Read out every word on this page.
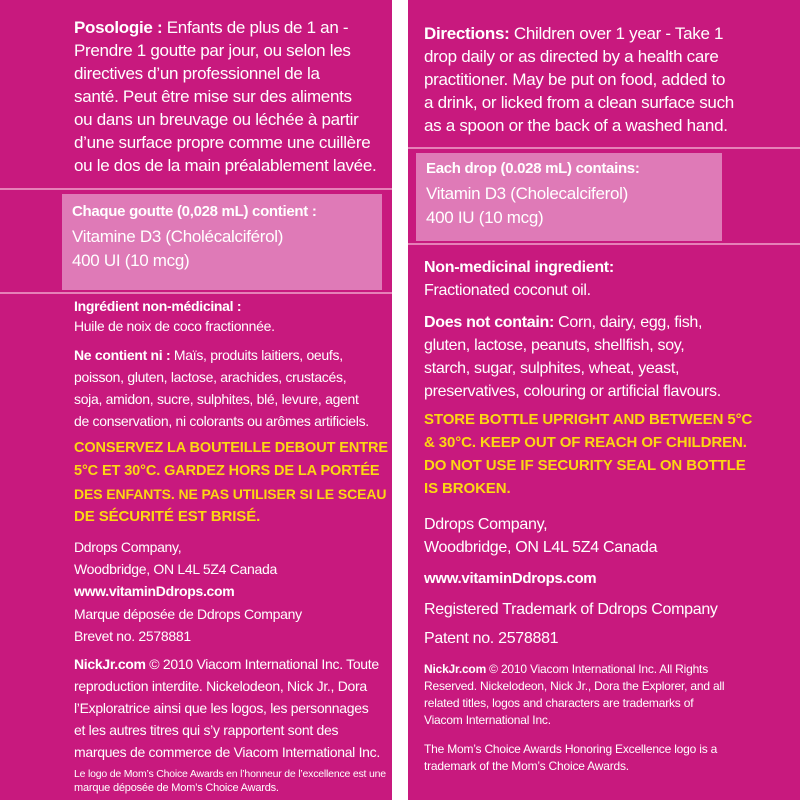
Posologie : Enfants de plus de 1 an -
Prendre 1 goutte par jour, ou selon les
directives d’un professionnel de la
santé. Peut être mise sur des aliments
ou dans un breuvage ou léchée à partir
d’une surface propre comme une cuillère
ou le dos de la main préalablement lavée.
Chaque goutte (0,028 mL) contient :
Vitamine D3 (Cholécalciférol)
400 UI (10 mcg)
Ingrédient non-médicinal :
Huile de noix de coco fractionnée.
Ne contient ni : Maïs, produits laitiers, oeufs,
poisson, gluten, lactose, arachides, crustacés,
soja, amidon, sucre, sulphites, blé, levure, agent
de conservation, ni colorants ou arômes artificiels.
CONSERVEZ LA BOUTEILLE DEBOUT ENTRE
5°C ET 30°C. GARDEZ HORS DE LA PORTÉE
DES ENFANTS. NE PAS UTILISER SI LE SCEAU
DE SÉCURITÉ EST BRISÉ.
Ddrops Company,
Woodbridge, ON L4L 5Z4 Canada
www.vitaminDdrops.com
Marque déposée de Ddrops Company
Brevet no. 2578881
NickJr.com © 2010 Viacom International Inc. Toute
reproduction interdite. Nickelodeon, Nick Jr., Dora
l’Exploratrice ainsi que les logos, les personnages
et les autres titres qui s’y rapportent sont des
marques de commerce de Viacom International Inc.
Le logo de Mom’s Choice Awards en l’honneur de l’excellence est une
marque déposée de Mom’s Choice Awards.
Directions: Children over 1 year - Take 1
drop daily or as directed by a health care
practitioner. May be put on food, added to
a drink, or licked from a clean surface such
as a spoon or the back of a washed hand.
Each drop (0.028 mL) contains:
Vitamin D3 (Cholecalciferol)
400 IU (10 mcg)
Non-medicinal ingredient:
Fractionated coconut oil.
Does not contain: Corn, dairy, egg, fish,
gluten, lactose, peanuts, shellfish, soy,
starch, sugar, sulphites, wheat, yeast,
preservatives, colouring or artificial flavours.
STORE BOTTLE UPRIGHT AND BETWEEN 5°C
& 30°C. KEEP OUT OF REACH OF CHILDREN.
DO NOT USE IF SECURITY SEAL ON BOTTLE
IS BROKEN.
Ddrops Company,
Woodbridge, ON L4L 5Z4 Canada
www.vitaminDdrops.com
Registered Trademark of Ddrops Company
Patent no. 2578881
NickJr.com © 2010 Viacom International Inc. All Rights
Reserved. Nickelodeon, Nick Jr., Dora the Explorer, and all
related titles, logos and characters are trademarks of
Viacom International Inc.
The Mom’s Choice Awards Honoring Excellence logo is a
trademark of the Mom’s Choice Awards.
